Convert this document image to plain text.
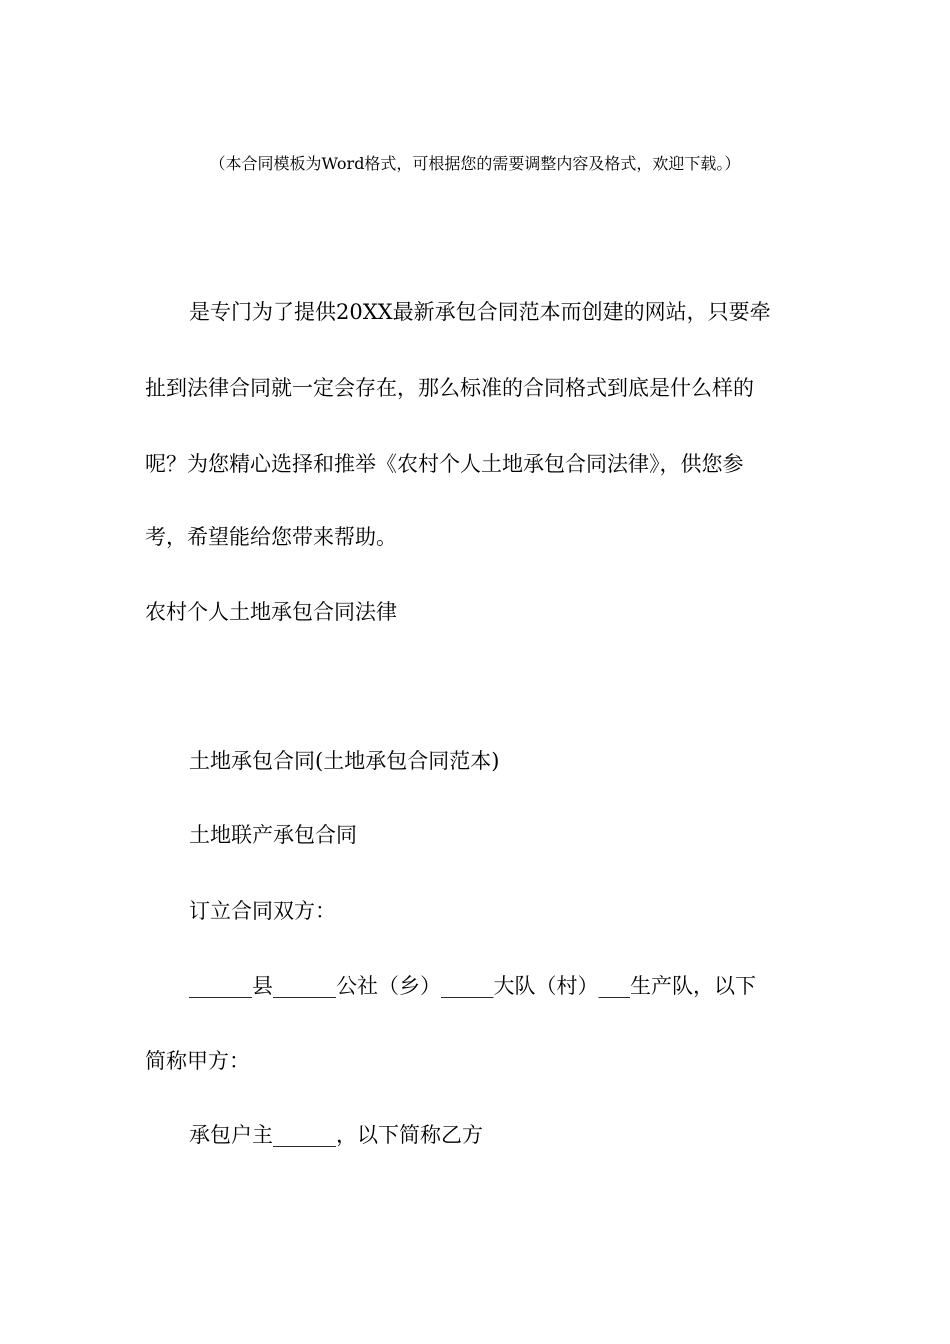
（本合同模板为Word格式，可根据您的需要调整内容及格式，欢迎下载。）
是专门为了提供20XX最新承包合同范本而创建的网站，只要牵
扯到法律合同就一定会存在，那么标准的合同格式到底是什么样的
呢？为您精心选择和推举《农村个人土地承包合同法律》，供您参
考，希望能给您带来帮助。
农村个人土地承包合同法律
土地承包合同(土地承包合同范本)
土地联产承包合同
订立合同双方：
______县______公社（乡）_____大队（村）___生产队，以下
简称甲方：
承包户主______，以下简称乙方
